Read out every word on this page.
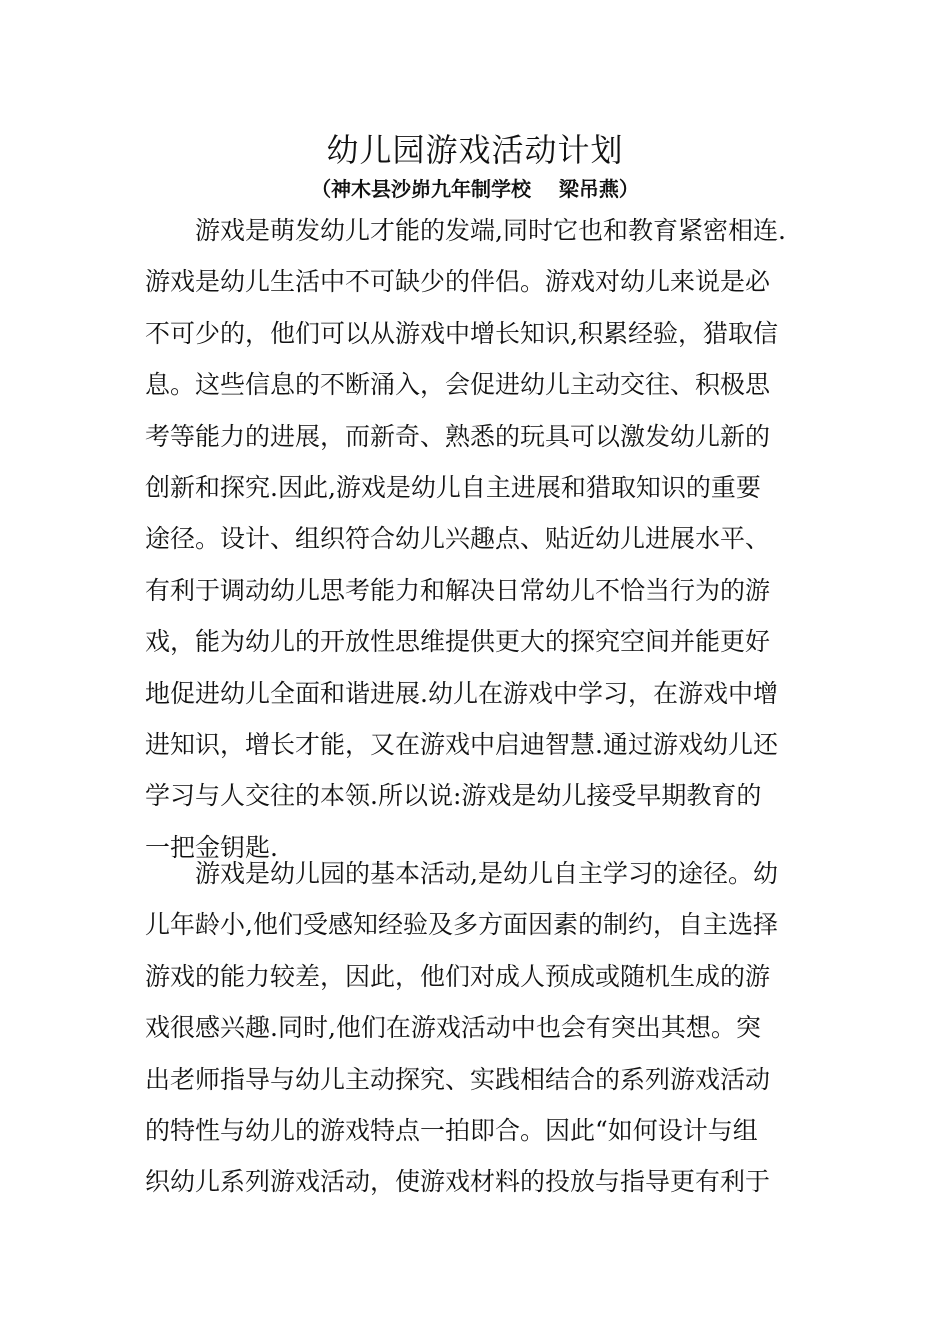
幼儿园游戏活动计划
（神木县沙峁九年制学校    梁吊燕）
游戏是萌发幼儿才能的发端,同时它也和教育紧密相连.
游戏是幼儿生活中不可缺少的伴侣。游戏对幼儿来说是必
不可少的，他们可以从游戏中增长知识,积累经验，猎取信
息。这些信息的不断涌入，会促进幼儿主动交往、积极思
考等能力的进展，而新奇、熟悉的玩具可以激发幼儿新的
创新和探究.因此,游戏是幼儿自主进展和猎取知识的重要
途径。设计、组织符合幼儿兴趣点、贴近幼儿进展水平、
有利于调动幼儿思考能力和解决日常幼儿不恰当行为的游
戏，能为幼儿的开放性思维提供更大的探究空间并能更好
地促进幼儿全面和谐进展.幼儿在游戏中学习，在游戏中增
进知识，增长才能，又在游戏中启迪智慧.通过游戏幼儿还
学习与人交往的本领.所以说:游戏是幼儿接受早期教育的
一把金钥匙.
游戏是幼儿园的基本活动,是幼儿自主学习的途径。幼
儿年龄小,他们受感知经验及多方面因素的制约，自主选择
游戏的能力较差，因此，他们对成人预成或随机生成的游
戏很感兴趣.同时,他们在游戏活动中也会有突出其想。突
出老师指导与幼儿主动探究、实践相结合的系列游戏活动
的特性与幼儿的游戏特点一拍即合。因此“如何设计与组
织幼儿系列游戏活动，使游戏材料的投放与指导更有利于
